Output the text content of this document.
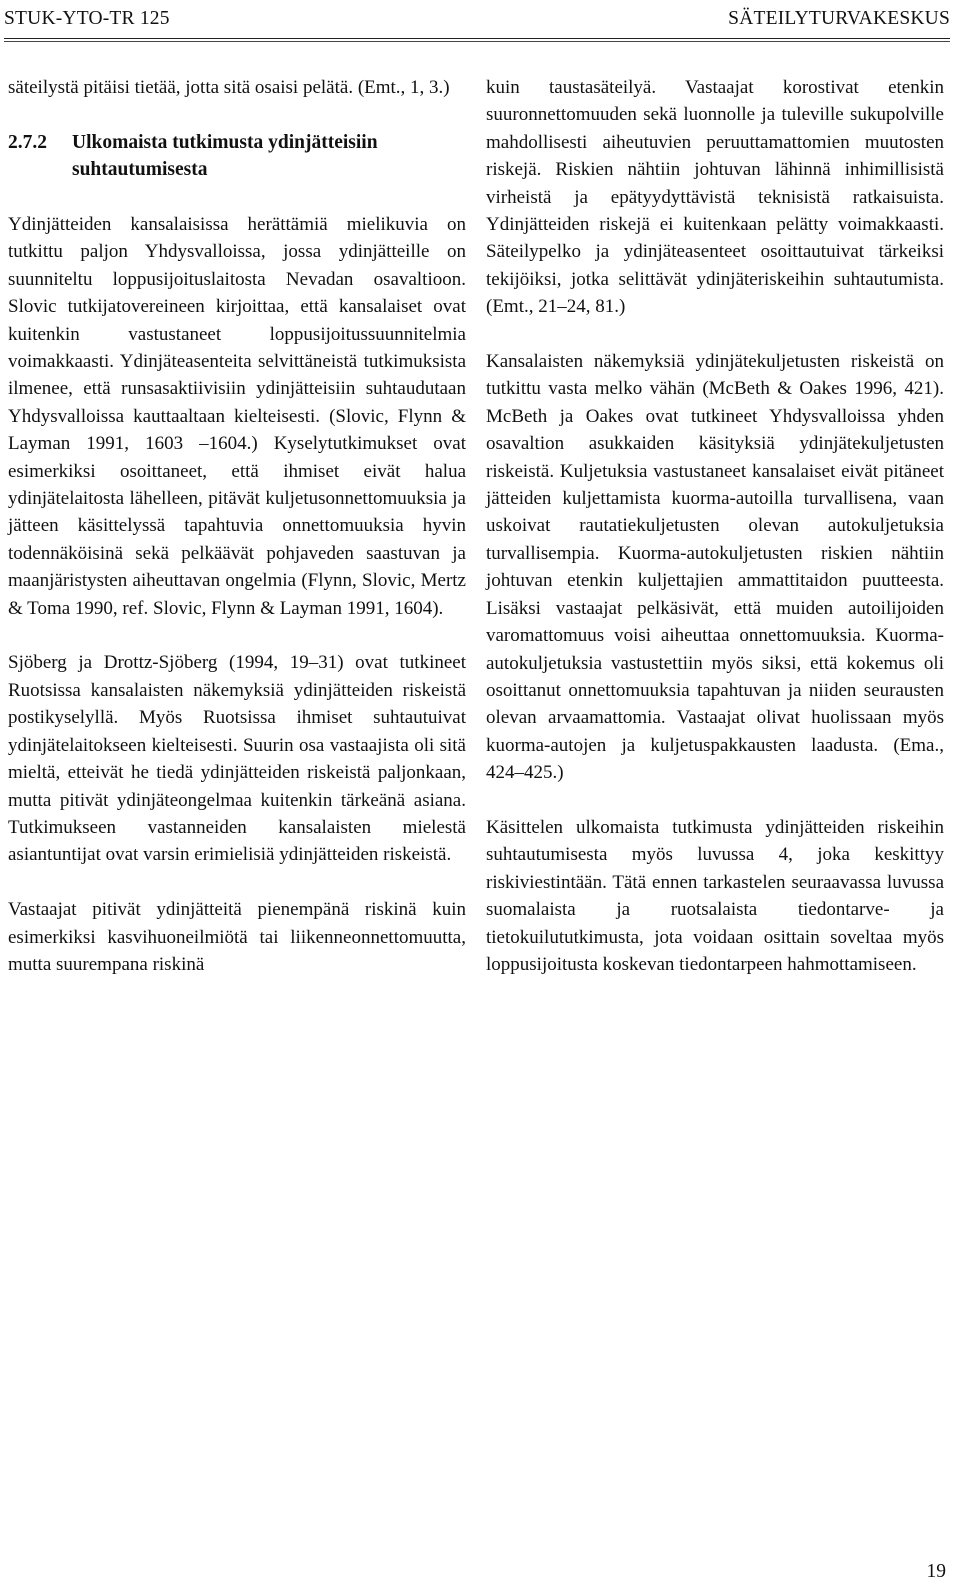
STUK-YTO-TR 125	SÄTEILYTURVAKESKUS

säteilystä pitäisi tietää, jotta sitä osaisi pelätä. (Emt., 1, 3.)

2.7.2	Ulkomaista tutkimusta ydinjätteisiin suhtautumisesta

Ydinjätteiden kansalaisissa herättämiä mielikuvia on tutkittu paljon Yhdysvalloissa, jossa ydinjätteille on suunniteltu loppusijoituslaitosta Nevadan osavaltioon. Slovic tutkijatovereineen kirjoittaa, että kansalaiset ovat kuitenkin vastustaneet loppusijoitussuunnitelmia voimakkaasti. Ydinjäteasenteita selvittäneistä tutkimuksista ilmenee, että runsasaktiivisiin ydinjätteisiin suhtaudutaan Yhdysvalloissa kauttaaltaan kielteisesti. (Slovic, Flynn & Layman 1991, 1603 –1604.) Kyselytutkimukset ovat esimerkiksi osoittaneet, että ihmiset eivät halua ydinjätelaitosta lähelleen, pitävät kuljetusonnettomuuksia ja jätteen käsittelyssä tapahtuvia onnettomuuksia hyvin todennäköisinä sekä pelkäävät pohjaveden saastuvan ja maanjäristysten aiheuttavan ongelmia (Flynn, Slovic, Mertz & Toma 1990, ref. Slovic, Flynn & Layman 1991, 1604).

Sjöberg ja Drottz-Sjöberg (1994, 19–31) ovat tutkineet Ruotsissa kansalaisten näkemyksiä ydinjätteiden riskeistä postikyselyllä. Myös Ruotsissa ihmiset suhtautuivat ydinjätelaitokseen kielteisesti. Suurin osa vastaajista oli sitä mieltä, etteivät he tiedä ydinjätteiden riskeistä paljonkaan, mutta pitivät ydinjäteongelmaa kuitenkin tärkeänä asiana. Tutkimukseen vastanneiden kansalaisten mielestä asiantuntijat ovat varsin erimielisiä ydinjätteiden riskeistä.

Vastaajat pitivät ydinjätteitä pienempänä riskinä kuin esimerkiksi kasvihuoneilmiötä tai liikenneonnettomuutta, mutta suurempana riskinä

kuin taustasäteilyä. Vastaajat korostivat etenkin suuronnettomuuden sekä luonnolle ja tuleville sukupolville mahdollisesti aiheutuvien peruuttamattomien muutosten riskejä. Riskien nähtiin johtuvan lähinnä inhimillisistä virheistä ja epätyydyttävistä teknisistä ratkaisuista. Ydinjätteiden riskejä ei kuitenkaan pelätty voimakkaasti. Säteilypelko ja ydinjäteasenteet osoittautuivat tärkeiksi tekijöiksi, jotka selittävät ydinjäteriskeihin suhtautumista. (Emt., 21–24, 81.)

Kansalaisten näkemyksiä ydinjätekuljetusten riskeistä on tutkittu vasta melko vähän (McBeth & Oakes 1996, 421). McBeth ja Oakes ovat tutkineet Yhdysvalloissa yhden osavaltion asukkaiden käsityksiä ydinjätekuljetusten riskeistä. Kuljetuksia vastustaneet kansalaiset eivät pitäneet jätteiden kuljettamista kuorma-autoilla turvallisena, vaan uskoivat rautatiekuljetusten olevan autokuljetuksia turvallisempia. Kuorma-autokuljetusten riskien nähtiin johtuvan etenkin kuljettajien ammattitaidon puutteesta. Lisäksi vastaajat pelkäsivät, että muiden autoilijoiden varomattomuus voisi aiheuttaa onnettomuuksia. Kuorma-autokuljetuksia vastustettiin myös siksi, että kokemus oli osoittanut onnettomuuksia tapahtuvan ja niiden seurausten olevan arvaamattomia. Vastaajat olivat huolissaan myös kuorma-autojen ja kuljetuspakkausten laadusta. (Ema., 424–425.)

Käsittelen ulkomaista tutkimusta ydinjätteiden riskeihin suhtautumisesta myös luvussa 4, joka keskittyy riskiviestintään. Tätä ennen tarkastelen seuraavassa luvussa suomalaista ja ruotsalaista tiedontarve- ja tietokuilututkimusta, jota voidaan osittain soveltaa myös loppusijoitusta koskevan tiedontarpeen hahmottamiseen.

19
